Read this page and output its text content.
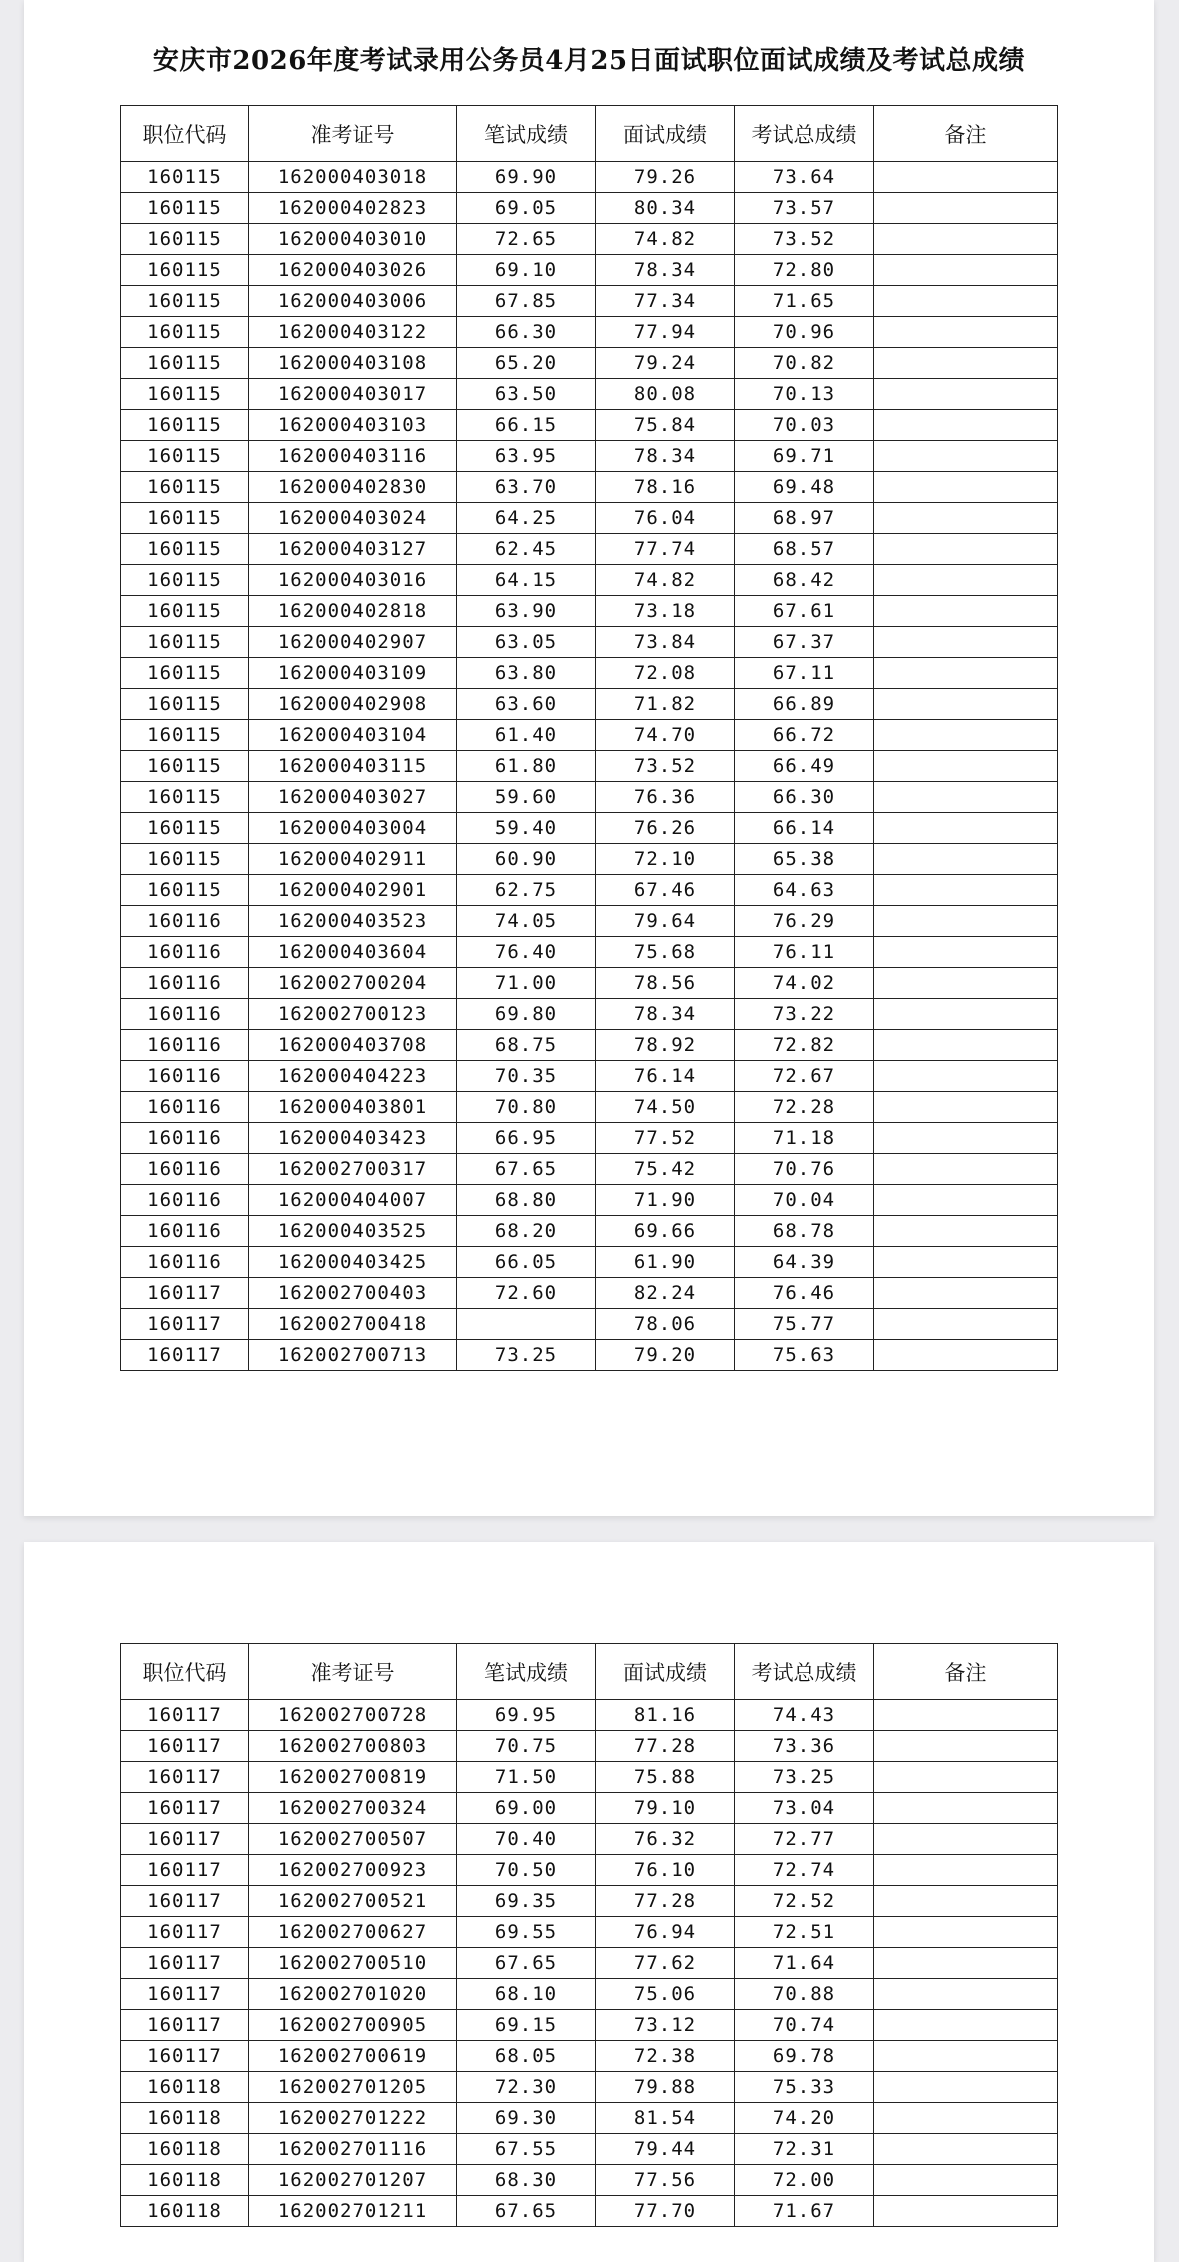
安庆市2026年度考试录用公务员4月25日面试职位面试成绩及考试总成绩
职位代码	准考证号	笔试成绩	面试成绩	考试总成绩	备注
160115	162000403018	69.90	79.26	73.64	
160115	162000402823	69.05	80.34	73.57	
160115	162000403010	72.65	74.82	73.52	
160115	162000403026	69.10	78.34	72.80	
160115	162000403006	67.85	77.34	71.65	
160115	162000403122	66.30	77.94	70.96	
160115	162000403108	65.20	79.24	70.82	
160115	162000403017	63.50	80.08	70.13	
160115	162000403103	66.15	75.84	70.03	
160115	162000403116	63.95	78.34	69.71	
160115	162000402830	63.70	78.16	69.48	
160115	162000403024	64.25	76.04	68.97	
160115	162000403127	62.45	77.74	68.57	
160115	162000403016	64.15	74.82	68.42	
160115	162000402818	63.90	73.18	67.61	
160115	162000402907	63.05	73.84	67.37	
160115	162000403109	63.80	72.08	67.11	
160115	162000402908	63.60	71.82	66.89	
160115	162000403104	61.40	74.70	66.72	
160115	162000403115	61.80	73.52	66.49	
160115	162000403027	59.60	76.36	66.30	
160115	162000403004	59.40	76.26	66.14	
160115	162000402911	60.90	72.10	65.38	
160115	162000402901	62.75	67.46	64.63	
160116	162000403523	74.05	79.64	76.29	
160116	162000403604	76.40	75.68	76.11	
160116	162002700204	71.00	78.56	74.02	
160116	162002700123	69.80	78.34	73.22	
160116	162000403708	68.75	78.92	72.82	
160116	162000404223	70.35	76.14	72.67	
160116	162000403801	70.80	74.50	72.28	
160116	162000403423	66.95	77.52	71.18	
160116	162002700317	67.65	75.42	70.76	
160116	162000404007	68.80	71.90	70.04	
160116	162000403525	68.20	69.66	68.78	
160116	162000403425	66.05	61.90	64.39	
160117	162002700403	72.60	82.24	76.46	
160117	162002700418		78.06	75.77	
160117	162002700713	73.25	79.20	75.63	
职位代码	准考证号	笔试成绩	面试成绩	考试总成绩	备注
160117	162002700728	69.95	81.16	74.43	
160117	162002700803	70.75	77.28	73.36	
160117	162002700819	71.50	75.88	73.25	
160117	162002700324	69.00	79.10	73.04	
160117	162002700507	70.40	76.32	72.77	
160117	162002700923	70.50	76.10	72.74	
160117	162002700521	69.35	77.28	72.52	
160117	162002700627	69.55	76.94	72.51	
160117	162002700510	67.65	77.62	71.64	
160117	162002701020	68.10	75.06	70.88	
160117	162002700905	69.15	73.12	70.74	
160117	162002700619	68.05	72.38	69.78	
160118	162002701205	72.30	79.88	75.33	
160118	162002701222	69.30	81.54	74.20	
160118	162002701116	67.55	79.44	72.31	
160118	162002701207	68.30	77.56	72.00	
160118	162002701211	67.65	77.70	71.67	
